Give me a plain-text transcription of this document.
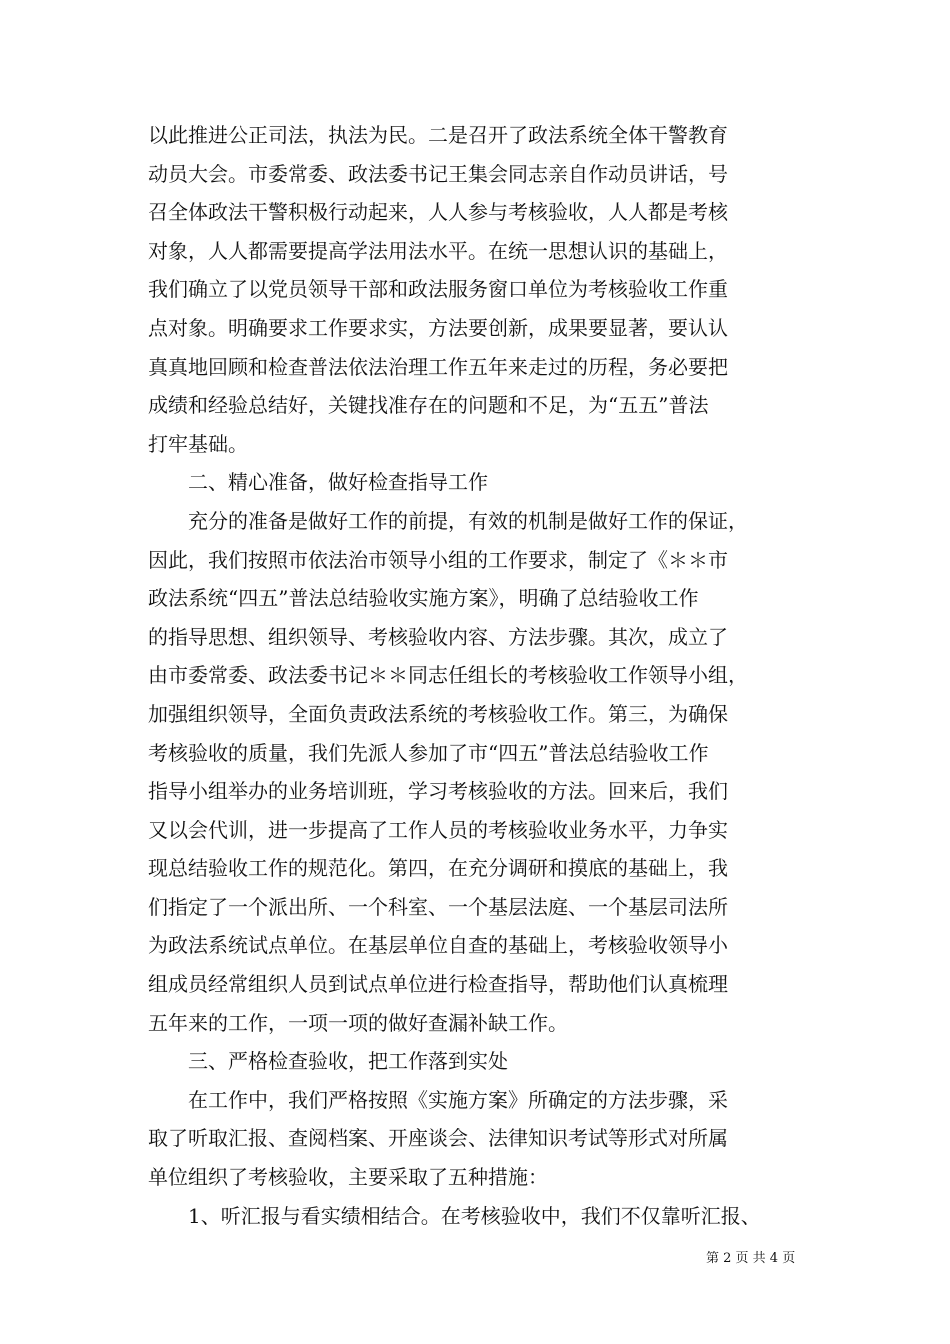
以此推进公正司法，执法为民。二是召开了政法系统全体干警教育
动员大会。市委常委、政法委书记王集会同志亲自作动员讲话，号
召全体政法干警积极行动起来，人人参与考核验收，人人都是考核
对象，人人都需要提高学法用法水平。在统一思想认识的基础上，
我们确立了以党员领导干部和政法服务窗口单位为考核验收工作重
点对象。明确要求工作要求实，方法要创新，成果要显著，要认认
真真地回顾和检查普法依法治理工作五年来走过的历程，务必要把
成绩和经验总结好，关键找准存在的问题和不足，为“五五”普法
打牢基础。
二、精心准备，做好检查指导工作
充分的准备是做好工作的前提，有效的机制是做好工作的保证，
因此，我们按照市依法治市领导小组的工作要求，制定了《＊＊市
政法系统“四五”普法总结验收实施方案》，明确了总结验收工作
的指导思想、组织领导、考核验收内容、方法步骤。其次，成立了
由市委常委、政法委书记＊＊同志任组长的考核验收工作领导小组，
加强组织领导，全面负责政法系统的考核验收工作。第三，为确保
考核验收的质量，我们先派人参加了市“四五”普法总结验收工作
指导小组举办的业务培训班，学习考核验收的方法。回来后，我们
又以会代训，进一步提高了工作人员的考核验收业务水平，力争实
现总结验收工作的规范化。第四，在充分调研和摸底的基础上，我
们指定了一个派出所、一个科室、一个基层法庭、一个基层司法所
为政法系统试点单位。在基层单位自查的基础上，考核验收领导小
组成员经常组织人员到试点单位进行检查指导，帮助他们认真梳理
五年来的工作，一项一项的做好查漏补缺工作。
三、严格检查验收，把工作落到实处
在工作中，我们严格按照《实施方案》所确定的方法步骤，采
取了听取汇报、查阅档案、开座谈会、法律知识考试等形式对所属
单位组织了考核验收，主要采取了五种措施：
1、听汇报与看实绩相结合。在考核验收中，我们不仅靠听汇报、
第 2 页 共 4 页
